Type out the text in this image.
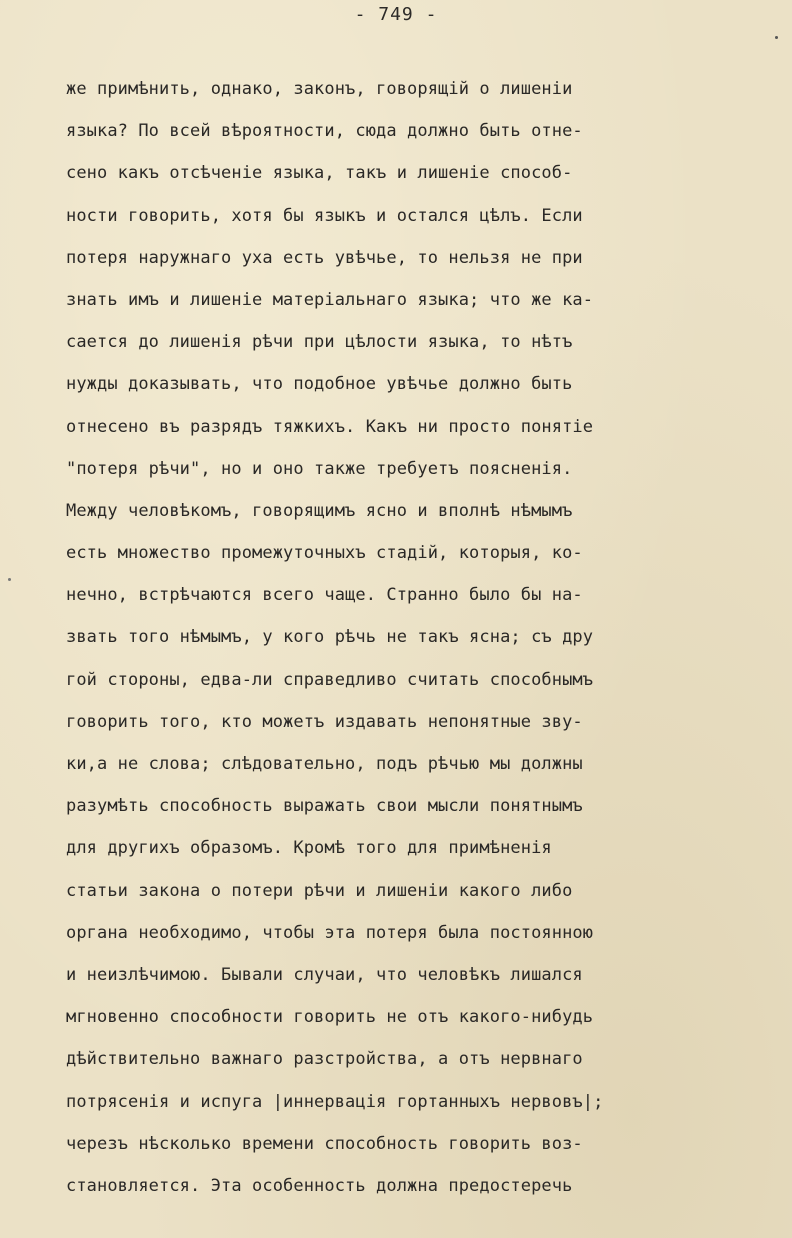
- 749 -
же примѣнить, однако, законъ, говорящій о лишеніи
языка? По всей вѣроятности, сюда должно быть отне-
сено какъ отсѣченіе языка, такъ и лишеніе способ-
ности говорить, хотя бы языкъ и остался цѣлъ. Если
потеря наружнаго уха есть увѣчье, то нельзя не при
знать имъ и лишеніе матеріальнаго языка; что же ка-
сается до лишенія рѣчи при цѣлости языка, то нѣтъ
нужды доказывать, что подобное увѣчье должно быть
отнесено въ разрядъ тяжкихъ. Какъ ни просто понятіе
"потеря рѣчи", но и оно также требуетъ поясненія.
Между человѣкомъ, говорящимъ ясно и вполнѣ нѣмымъ
есть множество промежуточныхъ стадій, которыя, ко-
нечно, встрѣчаются всего чаще. Странно было бы на-
звать того нѣмымъ, у кого рѣчь не такъ ясна; съ дру
гой стороны, едва-ли справедливо считать способнымъ
говорить того, кто можетъ издавать непонятные зву-
ки,а не слова; слѣдовательно, подъ рѣчью мы должны
разумѣть способность выражать свои мысли понятнымъ
для другихъ образомъ. Кромѣ того для примѣненія
статьи закона о потери рѣчи и лишеніи какого либо
органа необходимо, чтобы эта потеря была постоянною
и неизлѣчимою. Бывали случаи, что человѣкъ лишался
мгновенно способности говорить не отъ какого-нибудь
дѣйствительно важнаго разстройства, а отъ нервнаго
потрясенія и испуга |иннервація гортанныхъ нервовъ|;
черезъ нѣсколько времени способность говорить воз-
становляется. Эта особенность должна предостеречь
